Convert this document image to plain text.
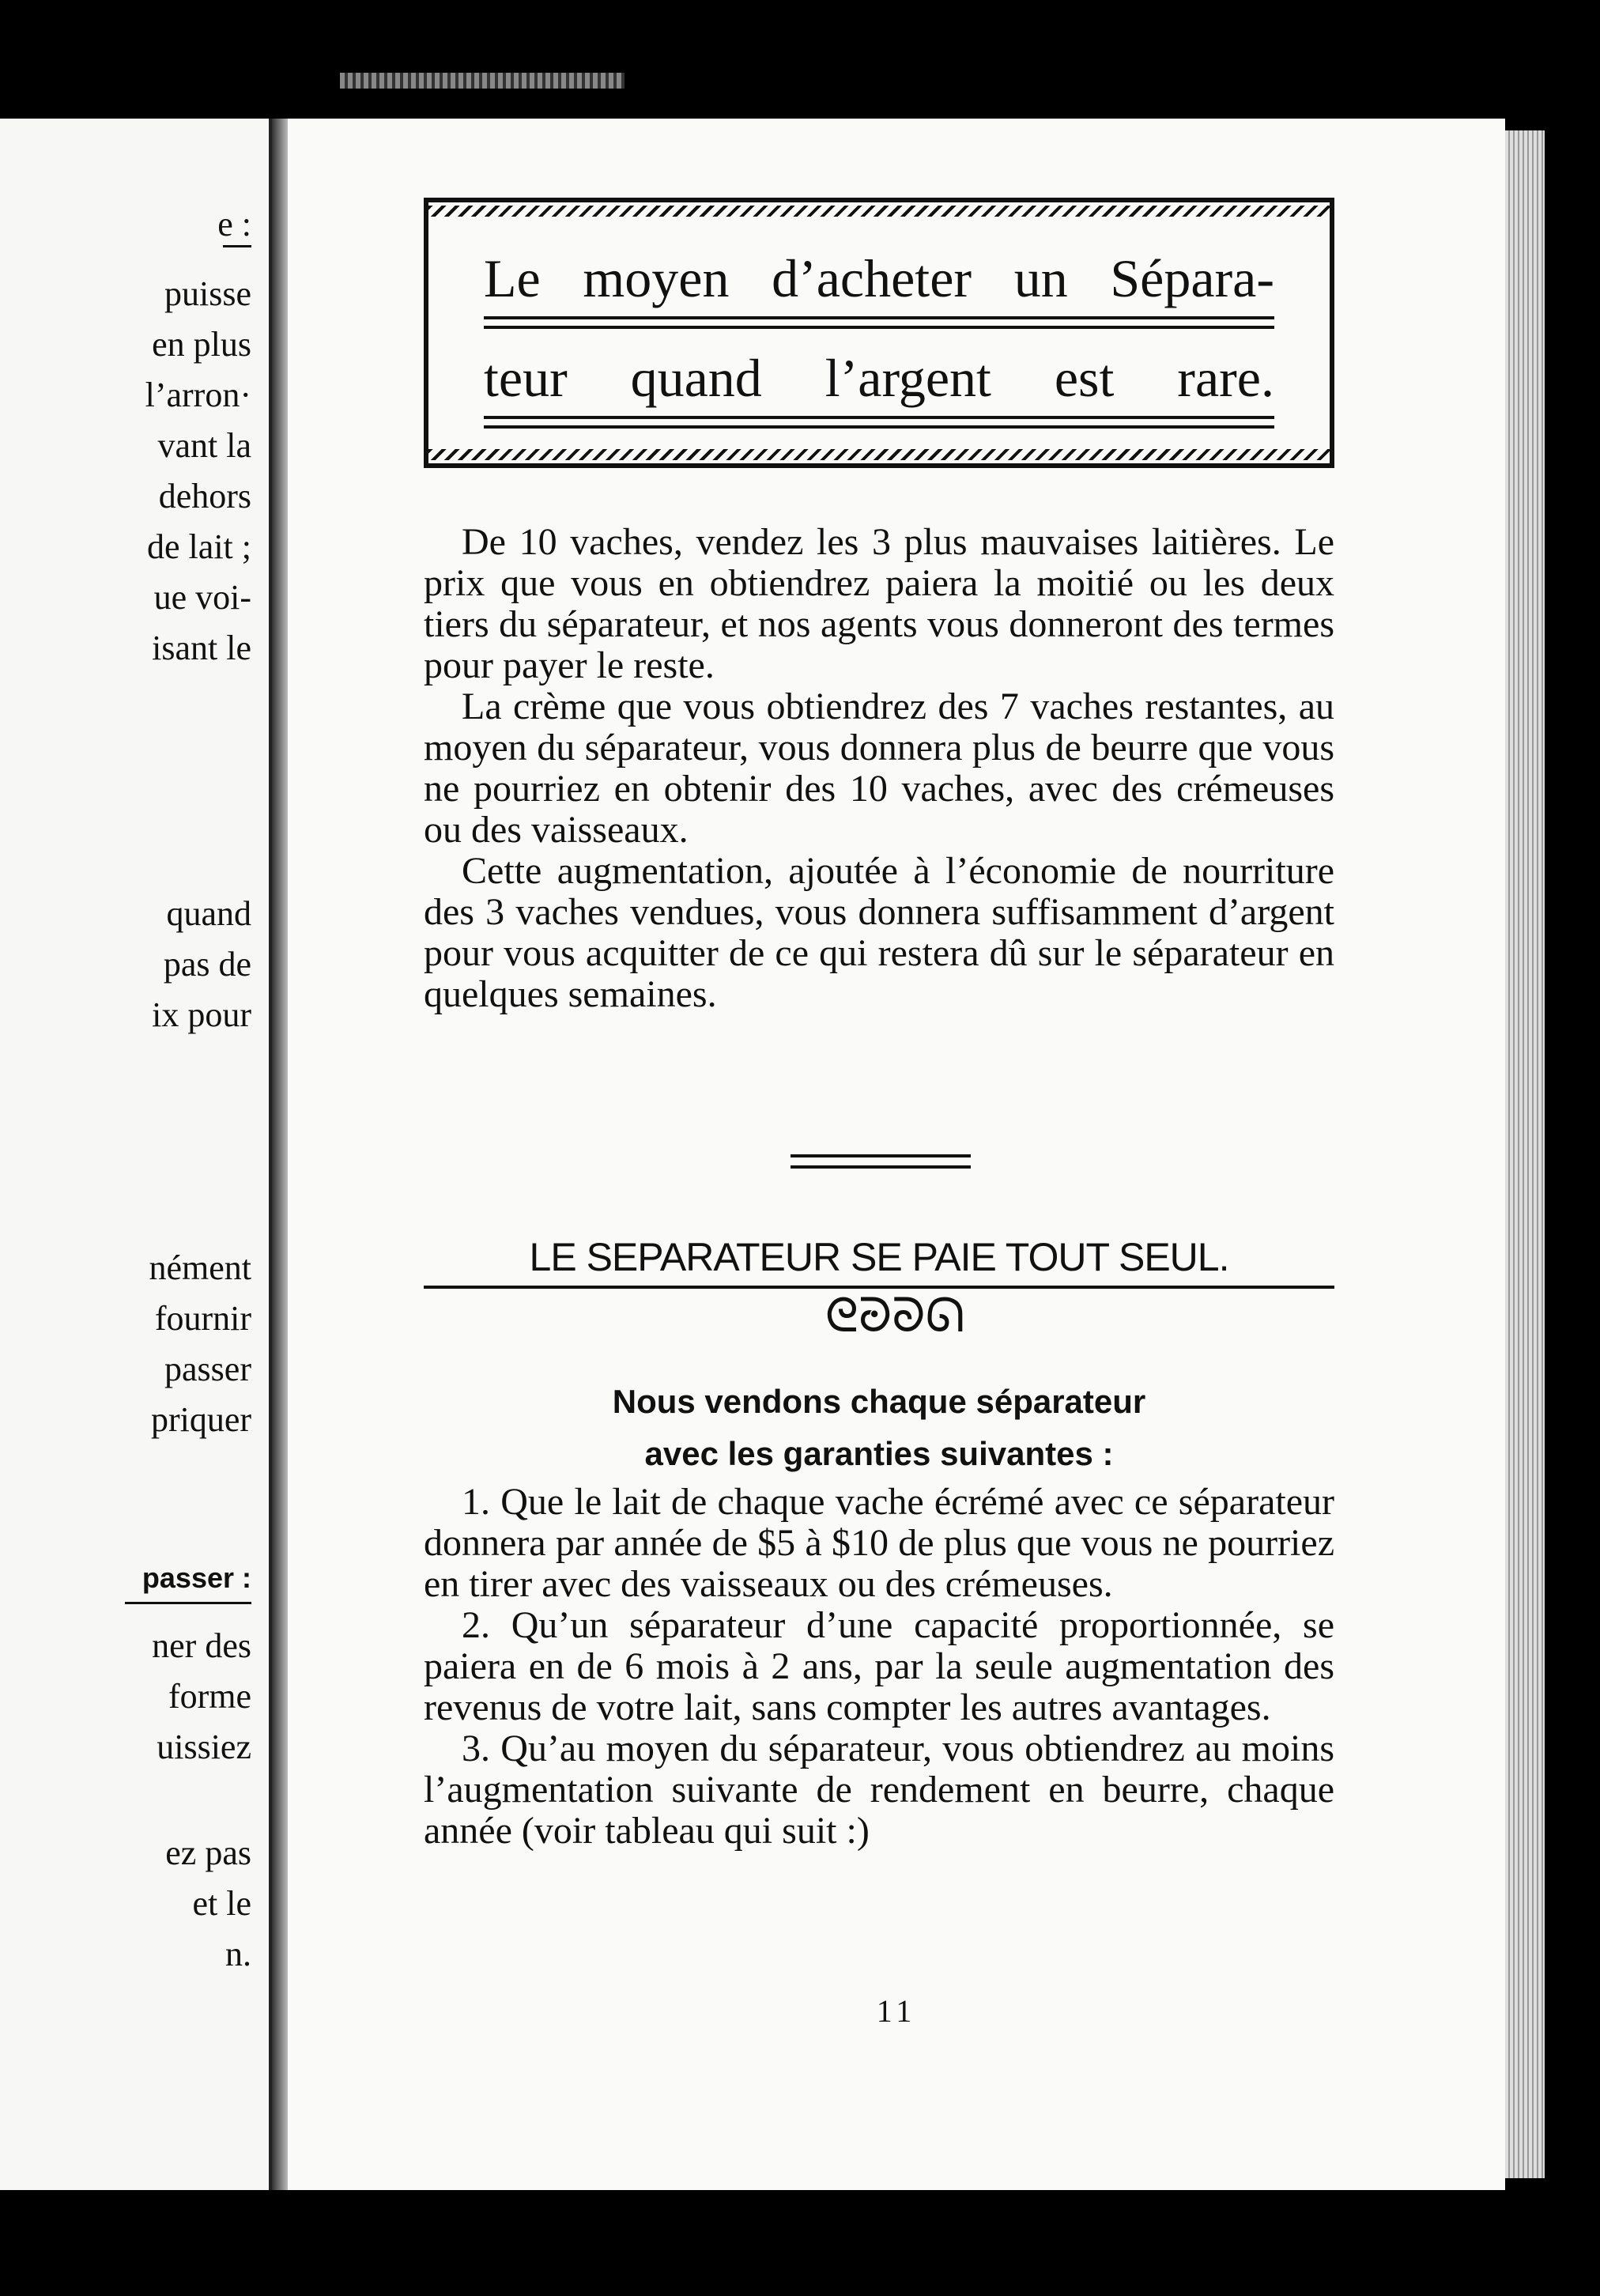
e :
puisse
en plus
l’arron·
vant la
dehors
de lait ;
ue voi-
isant le
quand
pas de
ix pour
nément
fournir
passer
priquer
passer :
ner des
forme
uissiez
ez pas
et le
n.
Le moyen d’acheter un Sépara-
teur quand l’argent est rare.
De 10 vaches, vendez les 3 plus mauvaises laitières. Le prix que vous en obtiendrez paiera la moitié ou les deux tiers du séparateur, et nos agents vous donneront des termes pour payer le reste.
La crème que vous obtiendrez des 7 vaches restantes, au moyen du séparateur, vous donnera plus de beurre que vous ne pourriez en obtenir des 10 vaches, avec des crémeuses ou des vaisseaux.
Cette augmentation, ajoutée à l’économie de nourriture des 3 vaches vendues, vous donnera suffisamment d’argent pour vous acquitter de ce qui restera dû sur le séparateur en quelques semaines.
LE SEPARATEUR SE PAIE TOUT SEUL.
ᘓᘒᘐᘏ
Nous vendons chaque séparateur
avec les garanties suivantes :
1. Que le lait de chaque vache écrémé avec ce séparateur donnera par année de $5 à $10 de plus que vous ne pourriez en tirer avec des vaisseaux ou des crémeuses.
2. Qu’un séparateur d’une capacité proportionnée, se paiera en de 6 mois à 2 ans, par la seule augmentation des revenus de votre lait, sans compter les autres avantages.
3. Qu’au moyen du séparateur, vous obtiendrez au moins l’augmentation suivante de rendement en beurre, chaque année (voir tableau qui suit :)
11
